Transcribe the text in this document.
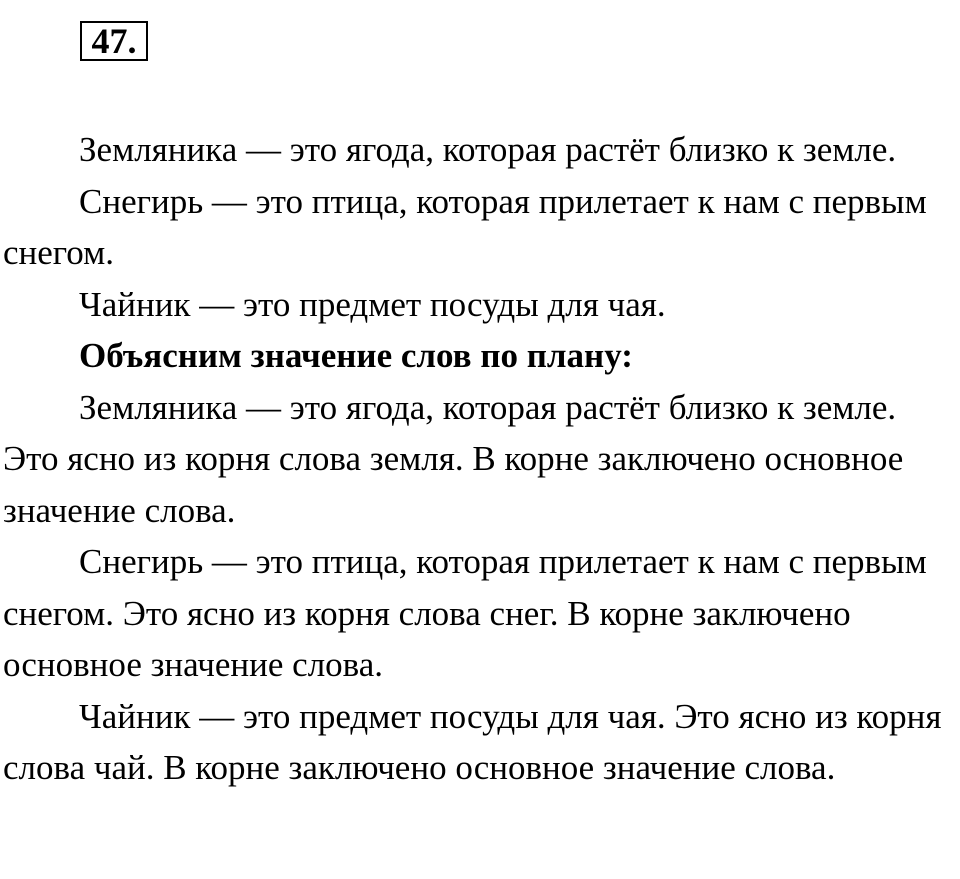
47.

Земляника — это ягода, которая растёт близко к земле.

Снегирь — это птица, которая прилетает к нам с первым снегом.

Чайник — это предмет посуды для чая.

Объясним значение слов по плану:

Земляника — это ягода, которая растёт близко к земле. Это ясно из корня слова земля. В корне заключено основное значение слова.

Снегирь — это птица, которая прилетает к нам с первым снегом. Это ясно из корня слова снег. В корне заключено основное значение слова.

Чайник — это предмет посуды для чая. Это ясно из корня слова чай. В корне заключено основное значение слова.
